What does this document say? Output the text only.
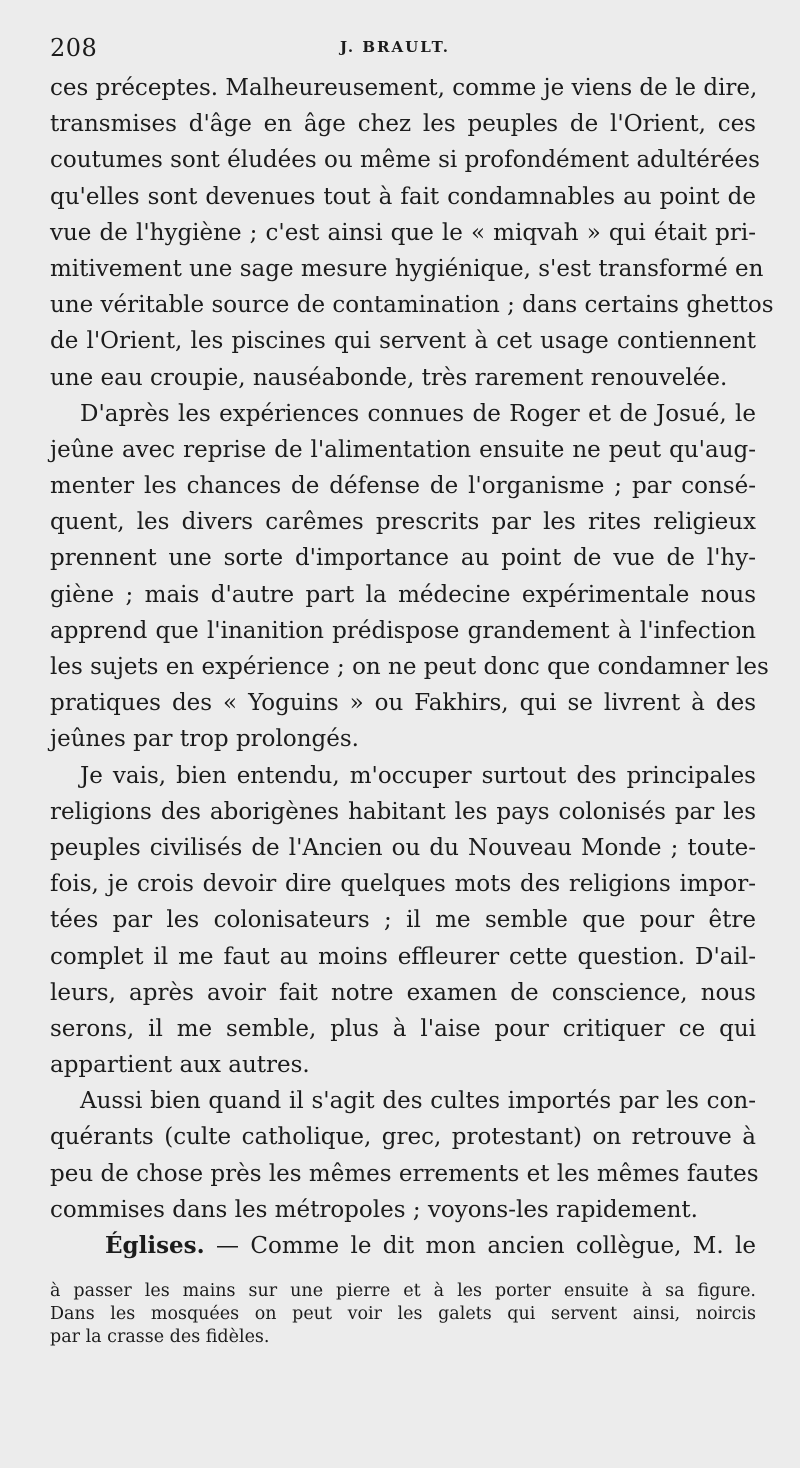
208	J. BRAULT.
ces préceptes. Malheureusement, comme je viens de le dire,
transmises d'âge en âge chez les peuples de l'Orient, ces
coutumes sont éludées ou même si profondément adultérées
qu'elles sont devenues tout à fait condamnables au point de
vue de l'hygiène ; c'est ainsi que le « miqvah » qui était pri-
mitivement une sage mesure hygiénique, s'est transformé en
une véritable source de contamination ; dans certains ghettos
de l'Orient, les piscines qui servent à cet usage contiennent
une eau croupie, nauséabonde, très rarement renouvelée.
D'après les expériences connues de Roger et de Josué, le
jeûne avec reprise de l'alimentation ensuite ne peut qu'aug-
menter les chances de défense de l'organisme ; par consé-
quent, les divers carêmes prescrits par les rites religieux
prennent une sorte d'importance au point de vue de l'hy-
giène ; mais d'autre part la médecine expérimentale nous
apprend que l'inanition prédispose grandement à l'infection
les sujets en expérience ; on ne peut donc que condamner les
pratiques des « Yoguins » ou Fakhirs, qui se livrent à des
jeûnes par trop prolongés.
Je vais, bien entendu, m'occuper surtout des principales
religions des aborigènes habitant les pays colonisés par les
peuples civilisés de l'Ancien ou du Nouveau Monde ; toute-
fois, je crois devoir dire quelques mots des religions impor-
tées par les colonisateurs ; il me semble que pour être
complet il me faut au moins effleurer cette question. D'ail-
leurs, après avoir fait notre examen de conscience, nous
serons, il me semble, plus à l'aise pour critiquer ce qui
appartient aux autres.
Aussi bien quand il s'agit des cultes importés par les con-
quérants (culte catholique, grec, protestant) on retrouve à
peu de chose près les mêmes errements et les mêmes fautes
commises dans les métropoles ; voyons-les rapidement.
Églises. — Comme le dit mon ancien collègue, M. le
à passer les mains sur une pierre et à les porter ensuite à sa figure.
Dans les mosquées on peut voir les galets qui servent ainsi, noircis
par la crasse des fidèles.
